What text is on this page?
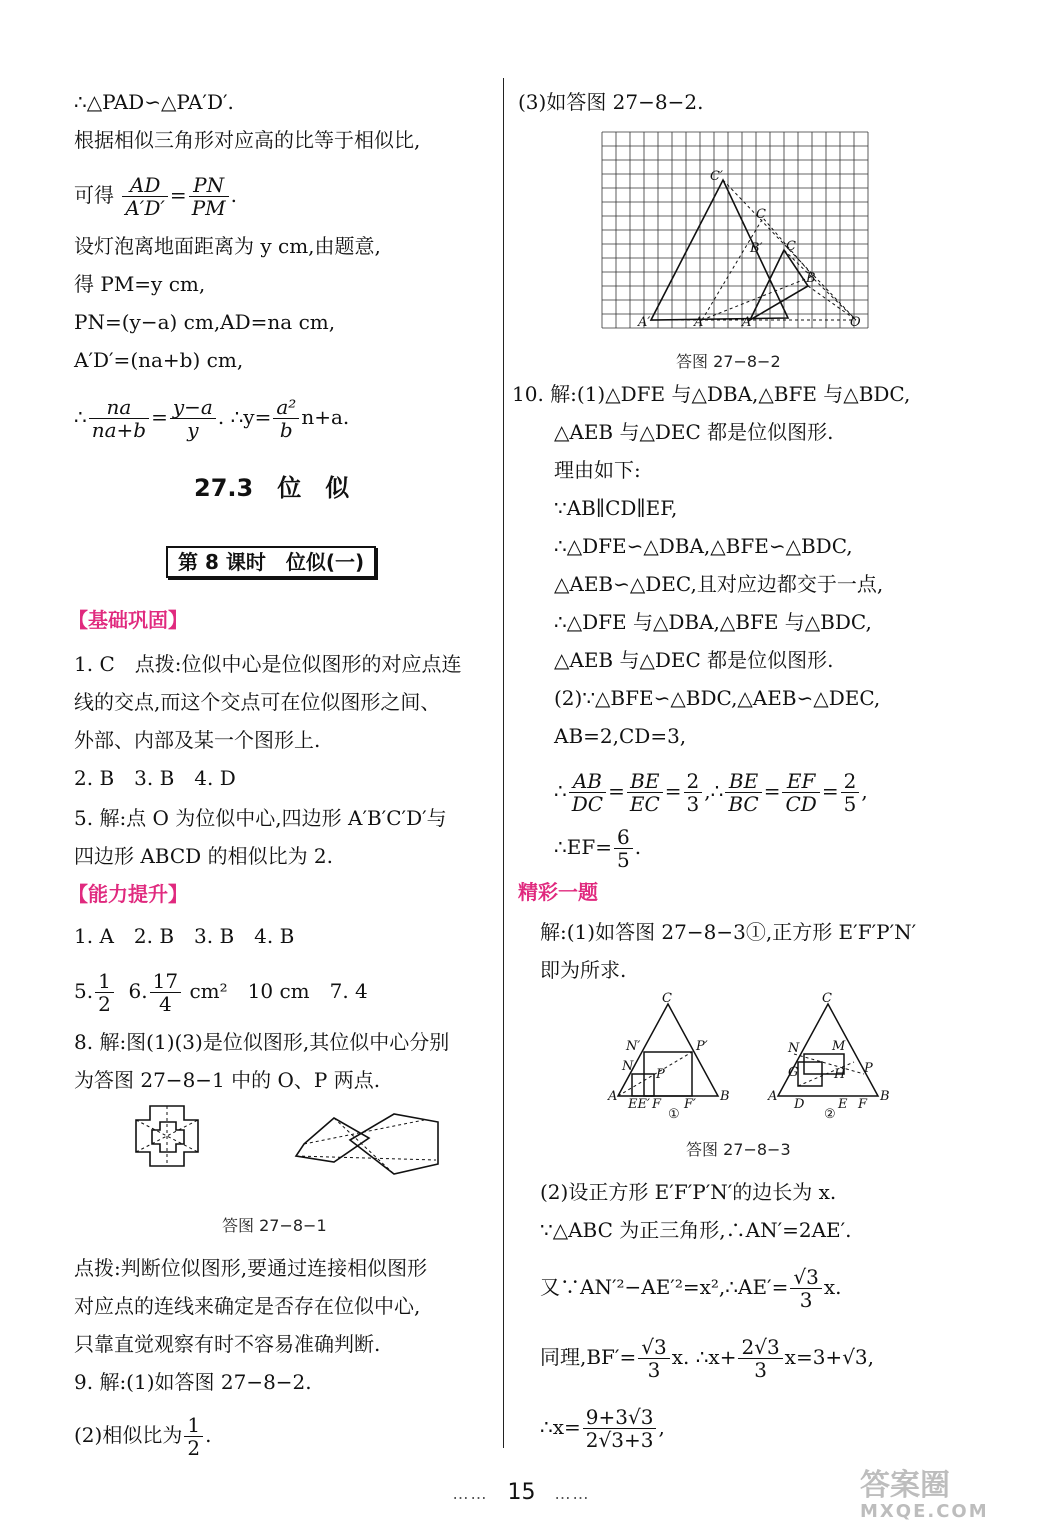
∴△PAD∽△PA′D′.
根据相似三角形对应高的比等于相似比,
可得 $\frac{AD}{A'D'} = \frac{PN}{PM}$ .
设灯泡离地面距离为 y cm,由题意,
得 PM=y cm,
PN=(y−a) cm,AD=na cm,
A′D′=(na+b) cm,
∴ $\frac{na}{na+b} = \frac{y-a}{y}$ . ∴y= $\frac{\text{a²}}{b} n+a$.
27.3　位　似
第 8 课时　位似(一)
【基础巩固】
1. C　点拨:位似中心是位似图形的对应点连
线的交点,而这个交点可在位似图形之间、
外部、内部及某一个图形上.
2. B　3. B　4. D
5. 解:点 O 为位似中心,四边形 A′B′C′D′与
四边形 ABCD 的相似比为 2.
【能力提升】
1. A　2. B　3. B　4. B
5. $\frac{1}{2} 6$. $\frac{17}{4} cm^2$　10 cm　7. 4
8. 解:图(1)(3)是位似图形,其位似中心分别
为答图 27−8−1 中的 O、P 两点.
答图 27−8−1
点拨:判断位似图形,要通过连接相似图形
对应点的连线来确定是否存在位似中心,
只靠直觉观察有时不容易准确判断.
9. 解:(1)如答图 27−8−2.
(2)相似比为 $\frac{1}{2}$ .
(3)如答图 27−8−2.
A′	A	A
C′
C
C
B′
B
O
答图 27−8−2
10. 解:(1)△DFE 与△DBA,△BFE 与△BDC,
△AEB 与△DEC 都是位似图形.
理由如下:
∵AB∥CD∥EF,
∴△DFE∽△DBA,△BFE∽△BDC,
△AEB∽△DEC,且对应边都交于一点,
∴△DFE 与△DBA,△BFE 与△BDC,
△AEB 与△DEC 都是位似图形.
(2)∵△BFE∽△BDC,△AEB∽△DEC,
AB=2,CD=3,
∴ $\frac{AB}{DC} = \frac{BE}{EC} = \frac{2}{3}$ ,∴ $\frac{BE}{BC} = \frac{EF}{CD} = \frac{2}{5}$ ,
∴EF= $\frac{6}{5}$ .
精彩一题
解:(1)如答图 27−8−3①,正方形 E′F′P′N′
即为所求.
A
C
B
N
N′	P′
P
EE′ F F′
①
A
C
B
N	M
G	H P
D	E F
②
答图 27−8−3
(2)设正方形 E′F′P′N′的边长为 x.
∵△ABC 为正三角形,∴AN′=2AE′.
又∵AN′²−AE′²=x²,∴AE′= $\frac{√3}{3} x$.
同理$,BF'= \frac{√3}{3} x$. ∴x+ $\frac{2√3}{3} x=3+√3$,
∴x= $\frac{9+3√3}{2√3+3}$ ,
…… 15 ……	答案圈
MXQE.COM
